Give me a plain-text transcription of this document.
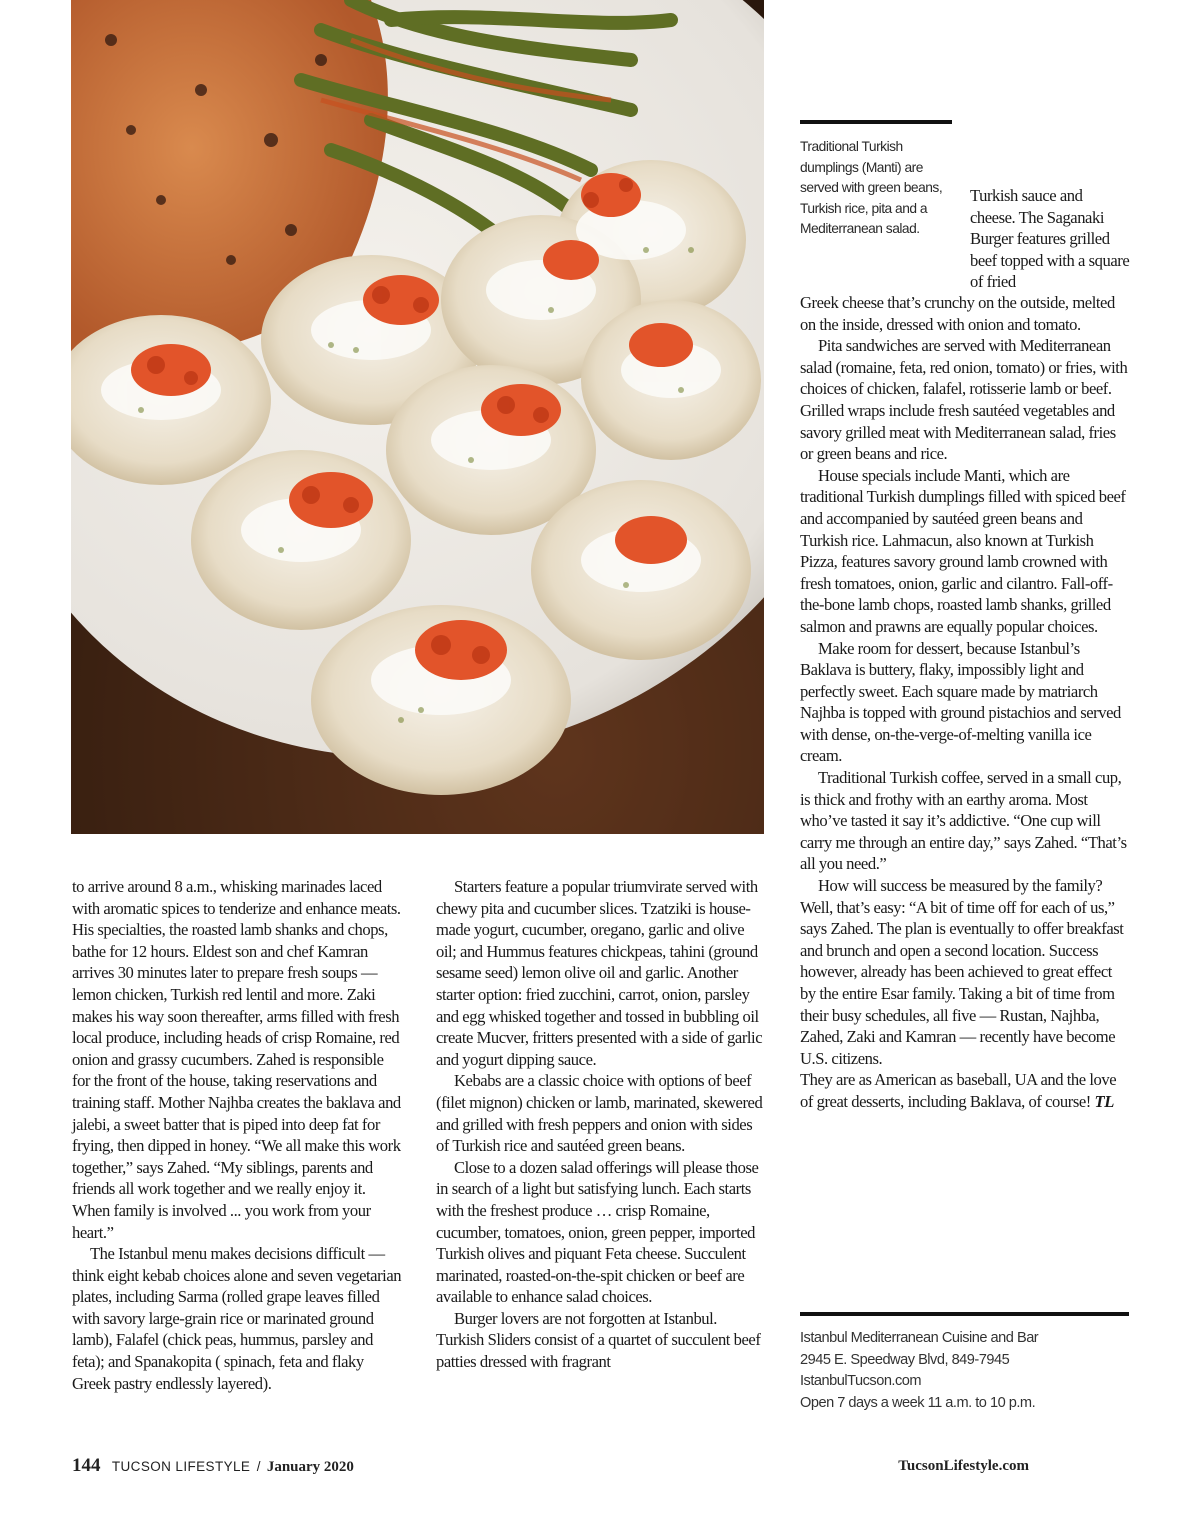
Traditional Turkish dumplings (Manti) are served with green beans, Turkish rice, pita and a Mediterranean salad.

to arrive around 8 a.m., whisking marinades laced with aromatic spices to tenderize and enhance meats. His specialties, the roasted lamb shanks and chops, bathe for 12 hours. Eldest son and chef Kamran arrives 30 minutes later to prepare fresh soups — lemon chicken, Turkish red lentil and more. Zaki makes his way soon thereafter, arms filled with fresh local produce, including heads of crisp Romaine, red onion and grassy cucumbers. Zahed is responsible for the front of the house, taking reservations and training staff. Mother Najhba creates the baklava and jalebi, a sweet batter that is piped into deep fat for frying, then dipped in honey. “We all make this work together,” says Zahed. “My siblings, parents and friends all work together and we really enjoy it. When family is involved ... you work from your heart.”

The Istanbul menu makes decisions difficult — think eight kebab choices alone and seven vegetarian plates, including Sarma (rolled grape leaves filled with savory large-grain rice or marinated ground lamb), Falafel (chick peas, hummus, parsley and feta); and Spanakopita ( spinach, feta and flaky Greek pastry endlessly layered).

Starters feature a popular triumvirate served with chewy pita and cucumber slices. Tzatziki is house-made yogurt, cucumber, oregano, garlic and olive oil; and Hummus features chickpeas, tahini (ground sesame seed) lemon olive oil and garlic. Another starter option: fried zucchini, carrot, onion, parsley and egg whisked together and tossed in bubbling oil create Mucver, fritters presented with a side of garlic and yogurt dipping sauce.

Kebabs are a classic choice with options of beef (filet mignon) chicken or lamb, marinated, skewered and grilled with fresh peppers and onion with sides of Turkish rice and sautéed green beans.

Close to a dozen salad offerings will please those in search of a light but satisfying lunch. Each starts with the freshest produce … crisp Romaine, cucumber, tomatoes, onion, green pepper, imported Turkish olives and piquant Feta cheese. Succulent marinated, roasted-on-the-spit chicken or beef are available to enhance salad choices.

Burger lovers are not forgotten at Istanbul. Turkish Sliders consist of a quartet of succulent beef patties dressed with fragrant

Turkish sauce and cheese. The Saganaki Burger features grilled beef topped with a square of fried

Greek cheese that’s crunchy on the outside, melted on the inside, dressed with onion and tomato.

Pita sandwiches are served with Mediterranean salad (romaine, feta, red onion, tomato) or fries, with choices of chicken, falafel, rotisserie lamb or beef. Grilled wraps include fresh sautéed vegetables and savory grilled meat with Mediterranean salad, fries or green beans and rice.

House specials include Manti, which are traditional Turkish dumplings filled with spiced beef and accompanied by sautéed green beans and Turkish rice. Lahmacun, also known at Turkish Pizza, features savory ground lamb crowned with fresh tomatoes, onion, garlic and cilantro. Fall-off-the-bone lamb chops, roasted lamb shanks, grilled salmon and prawns are equally popular choices.

Make room for dessert, because Istanbul’s Baklava is buttery, flaky, impossibly light and perfectly sweet. Each square made by matriarch Najhba is topped with ground pistachios and served with dense, on-the-verge-of-melting vanilla ice cream.

Traditional Turkish coffee, served in a small cup, is thick and frothy with an earthy aroma. Most who’ve tasted it say it’s addictive. “One cup will carry me through an entire day,” says Zahed. “That’s all you need.”

How will success be measured by the family? Well, that’s easy: “A bit of time off for each of us,” says Zahed. The plan is eventually to offer breakfast and brunch and open a second location. Success however, already has been achieved to great effect by the entire Esar family. Taking a bit of time from their busy schedules, all five — Rustan, Najhba, Zahed, Zaki and Kamran — recently have become U.S. citizens.

They are as American as baseball, UA and the love of great desserts, including Baklava, of course! TL

Istanbul Mediterranean Cuisine and Bar
2945 E. Speedway Blvd, 849-7945
IstanbulTucson.com
Open 7 days a week 11 a.m. to 10 p.m.
144 TUCSON LIFESTYLE / January 2020	TucsonLifestyle.com
